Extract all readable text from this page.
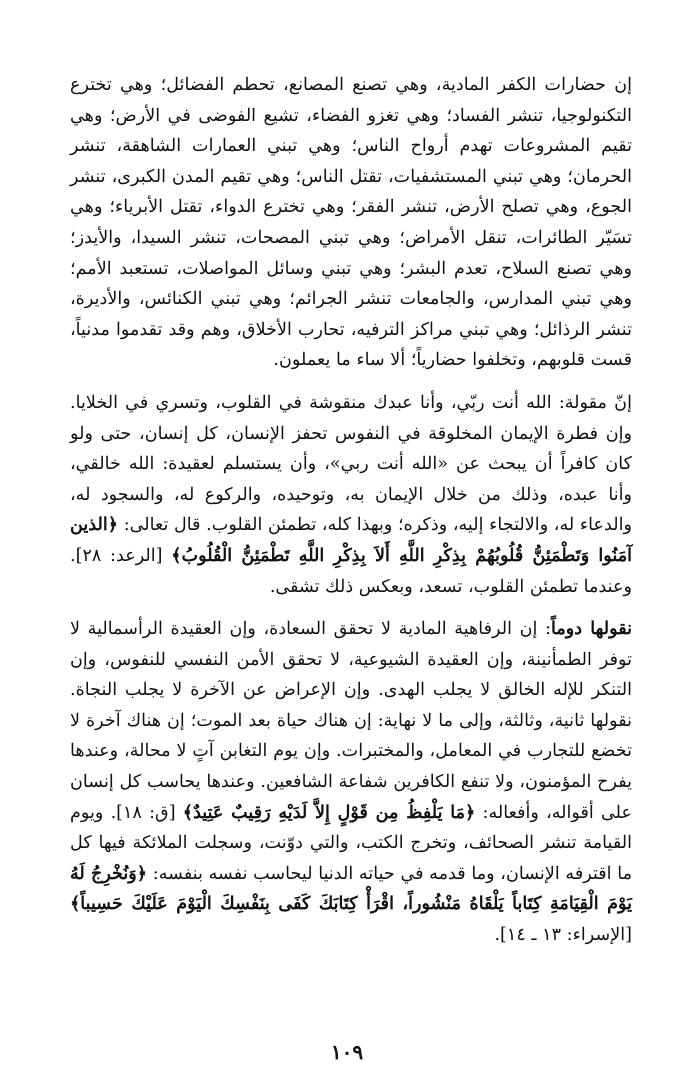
إن حضارات الكفر المادية، وهي تصنع المصانع، تحطم الفضائل؛ وهي تخترع التكنولوجيا، تنشر الفساد؛ وهي تغزو الفضاء، تشيع الفوضى في الأرض؛ وهي تقيم المشروعات تهدم أرواح الناس؛ وهي تبني العمارات الشاهقة، تنشر الحرمان؛ وهي تبني المستشفيات، تقتل الناس؛ وهي تقيم المدن الكبرى، تنشر الجوع، وهي تصلح الأرض، تنشر الفقر؛ وهي تخترع الدواء، تقتل الأبرياء؛ وهي تسَيّر الطائرات، تنقل الأمراض؛ وهي تبني المصحات، تنشر السيدا، والأيدز؛ وهي تصنع السلاح، تعدم البشر؛ وهي تبني وسائل المواصلات، تستعبد الأمم؛ وهي تبني المدارس، والجامعات تنشر الجرائم؛ وهي تبني الكنائس، والأديرة، تنشر الرذائل؛ وهي تبني مراكز الترفيه، تحارب الأخلاق، وهم وقد تقدموا مدنياً، قست قلوبهم، وتخلفوا حضارياً؛ ألا ساء ما يعملون.

إنّ مقولة: الله أنت ربّي، وأنا عبدك منقوشة في القلوب، وتسري في الخلايا. وإن فطرة الإيمان المخلوقة في النفوس تحفز الإنسان، كل إنسان، حتى ولو كان كافراً أن يبحث عن «الله أنت ربي»، وأن يستسلم لعقيدة: الله خالقي، وأنا عبده، وذلك من خلال الإيمان به، وتوحيده، والركوع له، والسجود له، والدعاء له، والالتجاء إليه، وذكره؛ وبهذا كله، تطمئن القلوب. قال تعالى: ﴿الذين آمَنُوا وَتَطْمَئِنُّ قُلُوبُهُمْ بِذِكْرِ اللَّهِ أَلاَ بِذِكْرِ اللَّهِ تَطْمَئِنُّ الْقُلُوبُ﴾ [الرعد: ٢٨]. وعندما تطمئن القلوب، تسعد، وبعكس ذلك تشقى.

نقولها دوماً: إن الرفاهية المادية لا تحقق السعادة، وإن العقيدة الرأسمالية لا توفر الطمأنينة، وإن العقيدة الشيوعية، لا تحقق الأمن النفسي للنفوس، وإن التنكر للإله الخالق لا يجلب الهدى. وإن الإعراض عن الآخرة لا يجلب النجاة. نقولها ثانية، وثالثة، وإلى ما لا نهاية: إن هناك حياة بعد الموت؛ إن هناك آخرة لا تخضع للتجارب في المعامل، والمختبرات. وإن يوم التغابن آتٍ لا محالة، وعندها يفرح المؤمنون، ولا تنفع الكافرين شفاعة الشافعين. وعندها يحاسب كل إنسان على أقواله، وأفعاله: ﴿مَا يَلْفِظُ مِن قَوْلٍ إِلاَّ لَدَيْهِ رَقِيبٌ عَتِيدٌ﴾ [ق: ١٨]. ويوم القيامة تنشر الصحائف، وتخرج الكتب، والتي دوّنت، وسجلت الملائكة فيها كل ما اقترفه الإنسان، وما قدمه في حياته الدنيا ليحاسب نفسه بنفسه: ﴿وَنُخْرِجُ لَهُ يَوْمَ الْقِيَامَةِ كِتَاباً يَلْقَاهُ مَنْشُوراً، اقْرَأْ كِتَابَكَ كَفَى بِنَفْسِكَ الْيَوْمَ عَلَيْكَ حَسِيباً﴾ [الإسراء: ١٣ ـ ١٤].

١٠٩
